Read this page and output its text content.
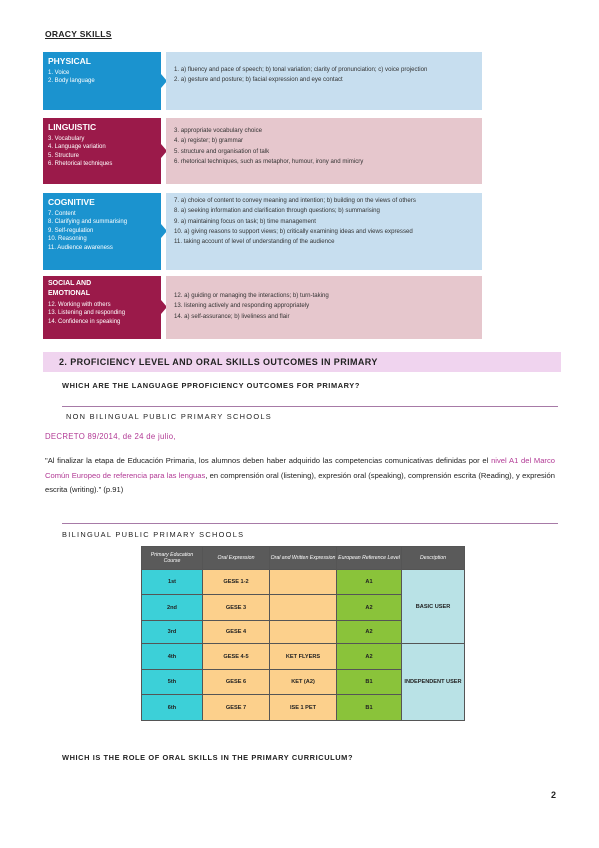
ORACY SKILLS
PHYSICAL
1. Voice
2. Body language
LINGUISTIC
3. Vocabulary
4. Language variation
5. Structure
6. Rhetorical techniques
COGNITIVE
7. Content
8. Clarifying and summarising
9. Self-regulation
10. Reasoning
11. Audience awareness
SOCIAL AND
EMOTIONAL
12. Working with others
13. Listening and responding
14. Confidence in speaking
1. a) fluency and pace of speech; b) tonal variation; clarity of pronunciation; c) voice projection
2. a) gesture and posture; b) facial expression and eye contact
3. appropriate vocabulary choice
4. a) register; b) grammar
5. structure and organisation of talk
6. rhetorical techniques, such as metaphor, humour, irony and mimicry
7. a) choice of content to convey meaning and intention; b) building on the views of others
8. a) seeking information and clarification through questions; b) summarising
9. a) maintaining focus on task; b) time management
10. a) giving reasons to support views; b) critically examining ideas and views expressed
11. taking account of level of understanding of the audience
12. a) guiding or managing the interactions; b) turn-taking
13. listening actively and responding appropriately
14. a) self-assurance; b) liveliness and flair
2. PROFICIENCY LEVEL AND ORAL SKILLS OUTCOMES IN PRIMARY
WHICH ARE THE LANGUAGE PPROFICIENCY OUTCOMES FOR PRIMARY?
NON BILINGUAL PUBLIC PRIMARY SCHOOLS
DECRETO 89/2014, de 24 de julio,
"Al finalizar la etapa de Educación Primaria, los alumnos deben haber adquirido las competencias comunicativas definidas por el nivel A1 del Marco Común Europeo de referencia para las lenguas, en comprensión oral (listening), expresión oral (speaking), comprensión escrita (Reading), y expresión escrita (writing)." (p.91)
BILINGUAL PUBLIC PRIMARY SCHOOLS
Primary Education Course	Oral Expression	Oral and Written Expression	European Reference Level	Description
1st	GESE 1-2		A1	BASIC USER
2nd	GESE 3		A2	
3rd	GESE 4		A2	
4th	GESE 4-5	KET FLYERS	A2	INDEPENDENT USER
5th	GESE 6	KET (A2)	B1	
6th	GESE 7	ISE 1 PET	B1	
WHICH IS THE ROLE OF ORAL SKILLS IN THE PRIMARY CURRICULUM?
2
